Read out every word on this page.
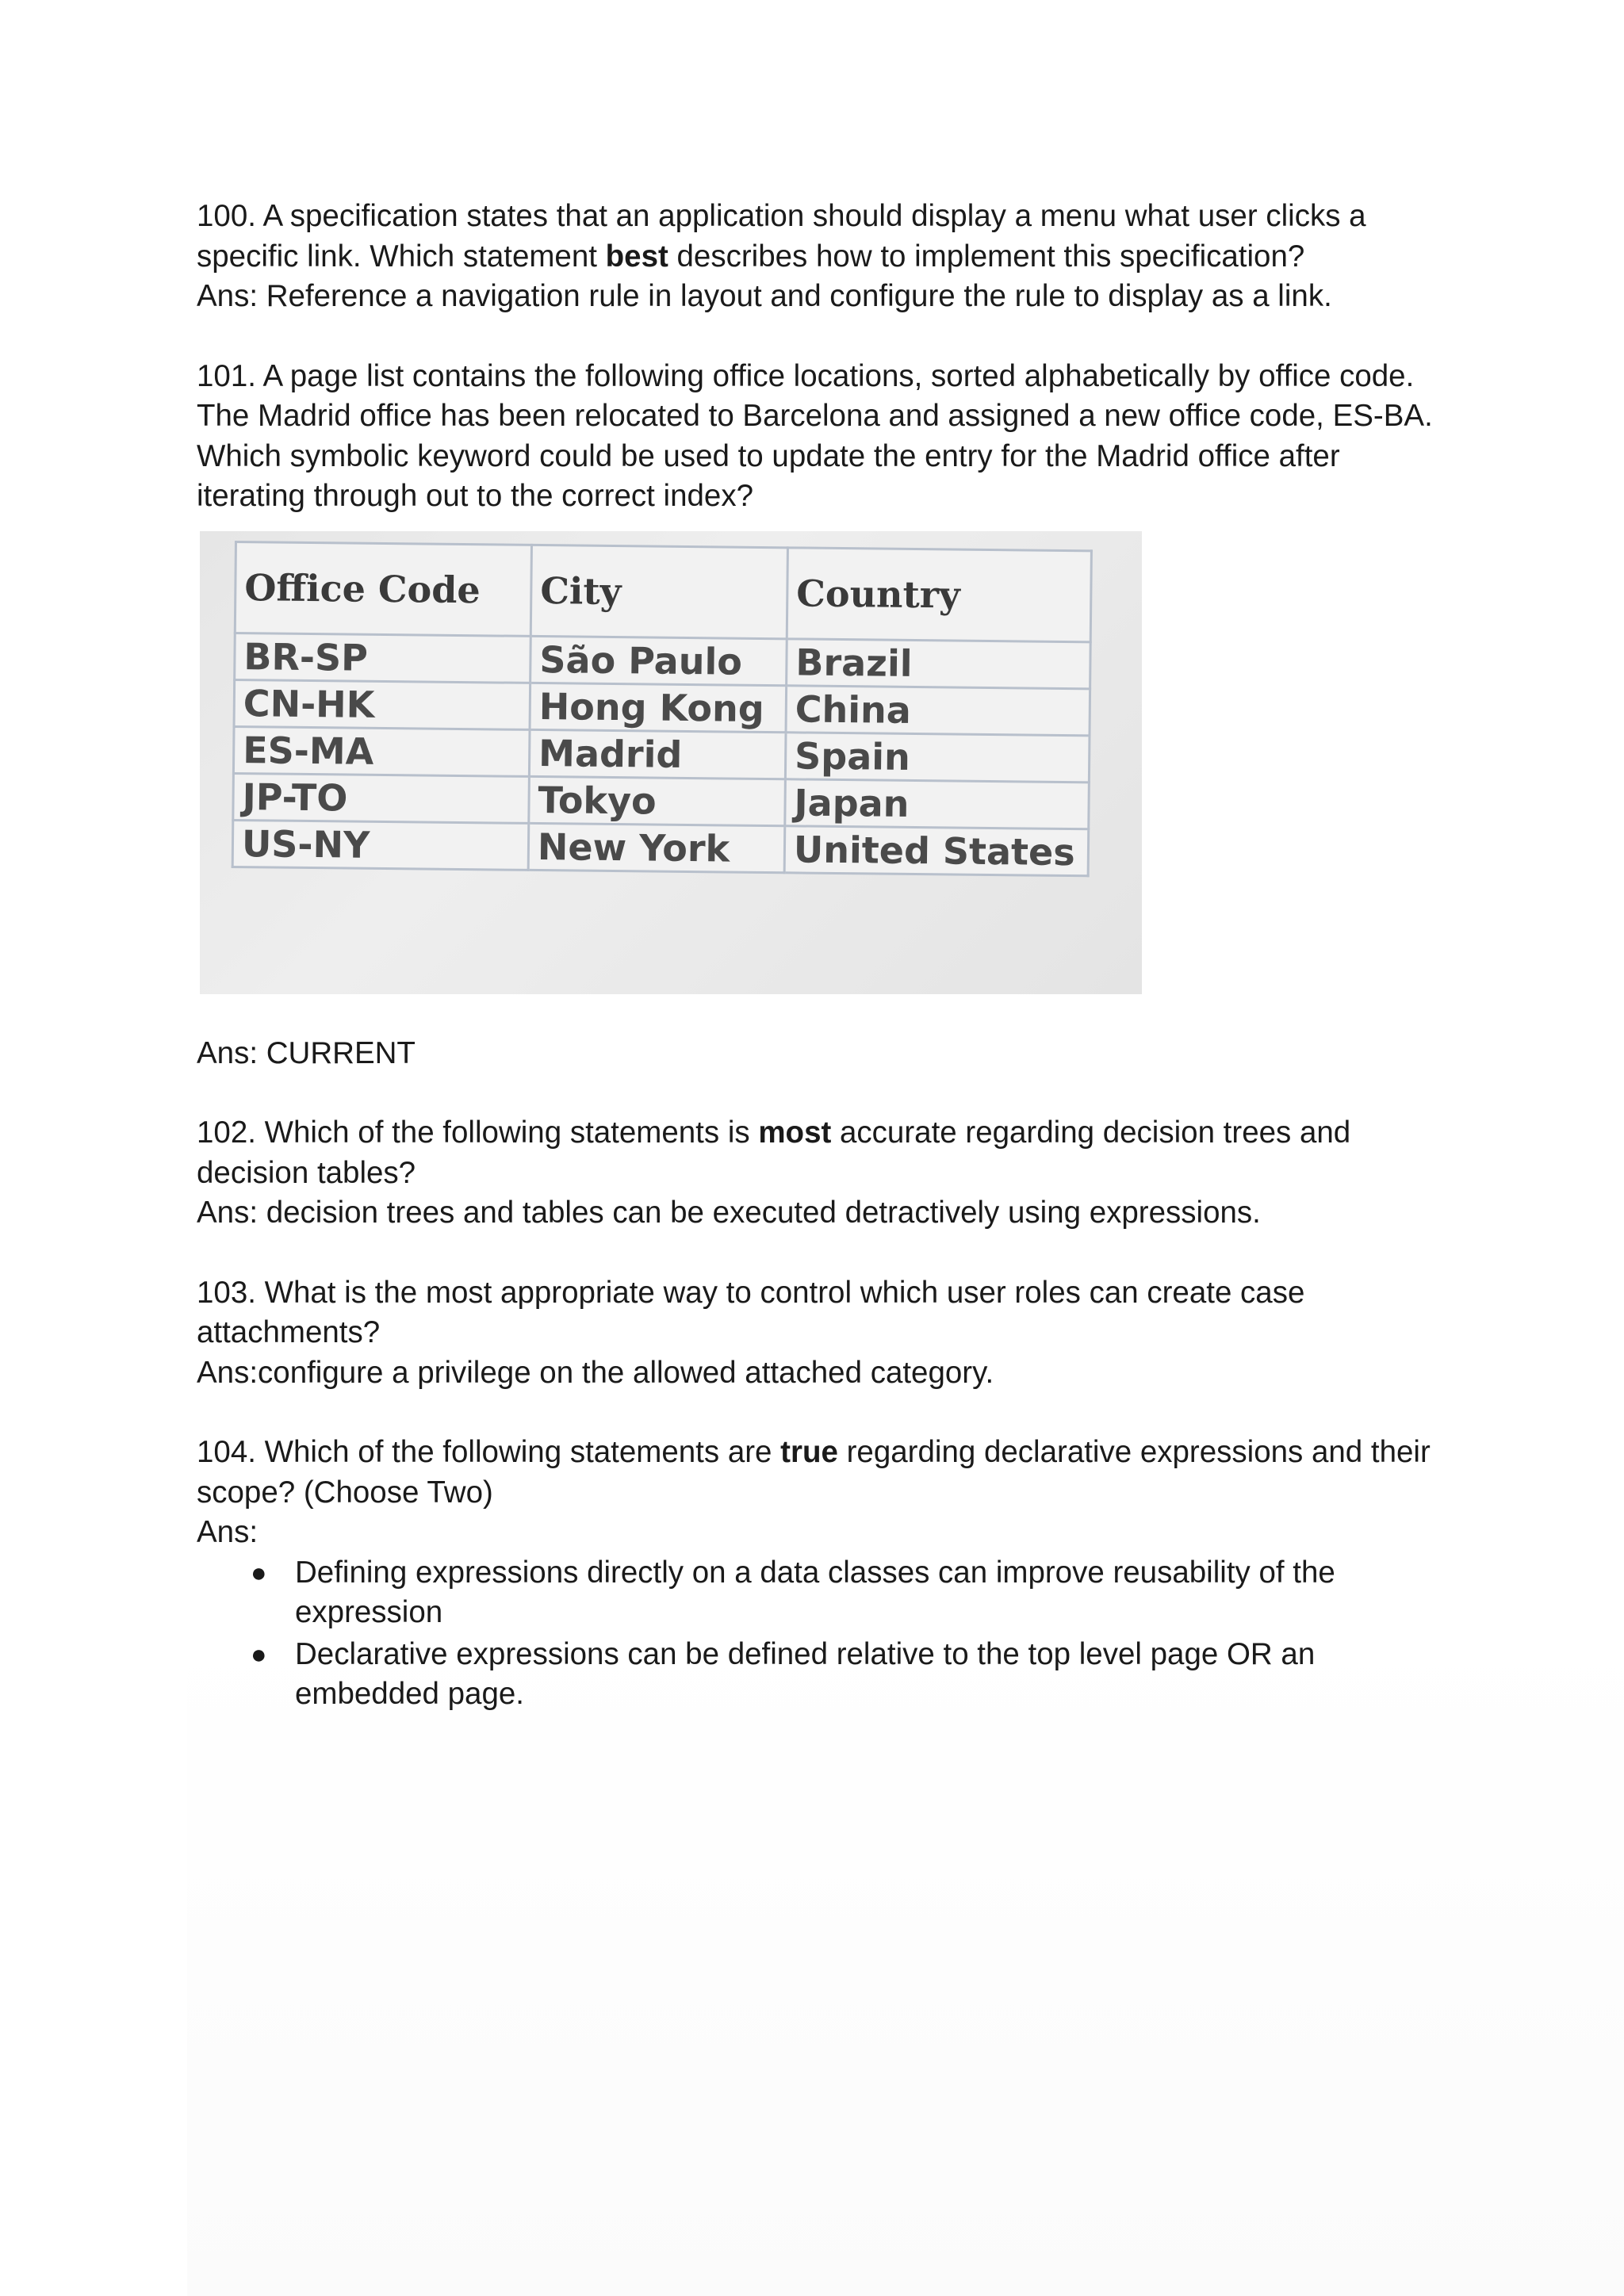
100. A specification states that an application should display a menu what user clicks a

specific link. Which statement best describes how to implement this specification?

Ans: Reference a navigation rule in layout and configure the rule to display as a link.

101. A page list contains the following office locations, sorted alphabetically by office code.

The Madrid office has been relocated to Barcelona and assigned a new office code, ES-BA.

Which symbolic keyword could be used to update the entry for the Madrid office after

iterating through out to the correct index?

Office Code	City	Country
BR-SP	São Paulo	Brazil
CN-HK	Hong Kong	China
ES-MA	Madrid	Spain
JP-TO	Tokyo	Japan
US-NY	New York	United States

Ans: CURRENT

102. Which of the following statements is most accurate regarding decision trees and

decision tables?

Ans: decision trees and tables can be executed detractively using expressions.

103. What is the most appropriate way to control which user roles can create case

attachments?

Ans:configure a privilege on the allowed attached category.

104. Which of the following statements are true regarding declarative expressions and their

scope? (Choose Two)

Ans:

● Defining expressions directly on a data classes can improve reusability of the expression
● Declarative expressions can be defined relative to the top level page OR an embedded page.
